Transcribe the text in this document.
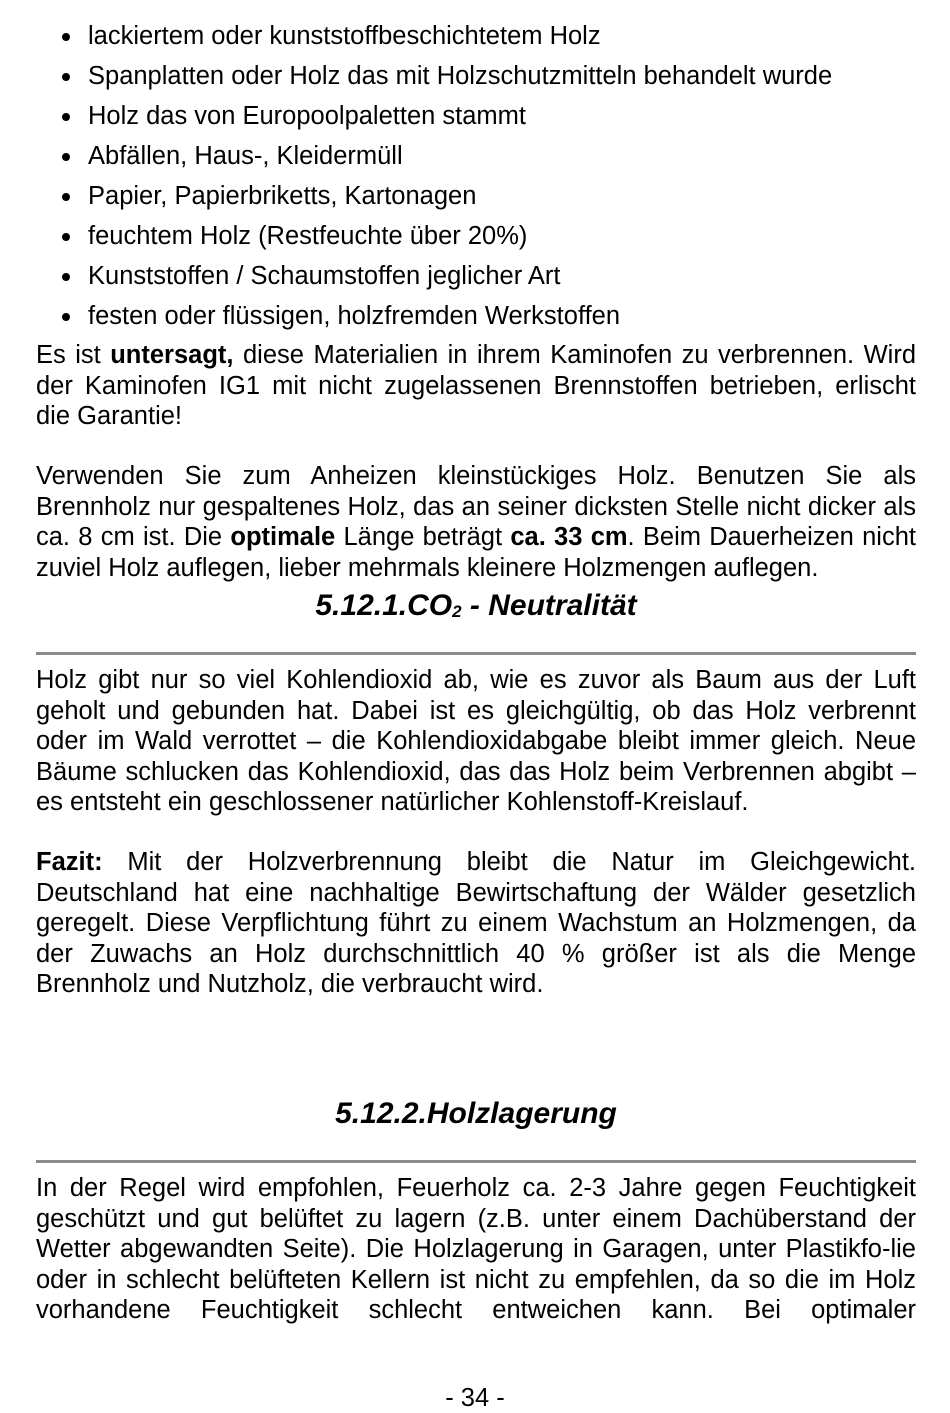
lackiertem oder kunststoffbeschichtetem Holz
Spanplatten oder Holz das mit Holzschutzmitteln behandelt wurde
Holz das von Europoolpaletten stammt
Abfällen, Haus-, Kleidermüll
Papier, Papierbriketts, Kartonagen
feuchtem Holz (Restfeuchte über 20%)
Kunststoffen / Schaumstoffen jeglicher Art
festen oder flüssigen, holzfremden Werkstoffen

Es ist untersagt, diese Materialien in ihrem Kaminofen zu verbrennen. Wird der Kaminofen IG1 mit nicht zugelassenen Brennstoffen betrieben, erlischt die Garantie!

Verwenden Sie zum Anheizen kleinstückiges Holz. Benutzen Sie als Brennholz nur gespaltenes Holz, das an seiner dicksten Stelle nicht dicker als ca. 8 cm ist. Die optimale Länge beträgt ca. 33 cm. Beim Dauerheizen nicht zuviel Holz auflegen, lieber mehrmals kleinere Holzmengen auflegen.

$5.12.1.CO_2$ - Neutralität

Holz gibt nur so viel Kohlendioxid ab, wie es zuvor als Baum aus der Luft geholt und gebunden hat. Dabei ist es gleichgültig, ob das Holz verbrennt oder im Wald verrottet – die Kohlendioxidabgabe bleibt immer gleich. Neue Bäume schlucken das Kohlendioxid, das das Holz beim Verbrennen abgibt – es entsteht ein geschlossener natürlicher Kohlenstoff-Kreislauf.

Fazit: Mit der Holzverbrennung bleibt die Natur im Gleichgewicht. Deutschland hat eine nachhaltige Bewirtschaftung der Wälder gesetzlich geregelt. Diese Verpflichtung führt zu einem Wachstum an Holzmengen, da der Zuwachs an Holz durchschnittlich 40 % größer ist als die Menge Brennholz und Nutzholz, die verbraucht wird.

5.12.2.Holzlagerung

In der Regel wird empfohlen, Feuerholz ca. 2-3 Jahre gegen Feuchtigkeit geschützt und gut belüftet zu lagern (z.B. unter einem Dachüberstand der Wetter abgewandten Seite). Die Holzlagerung in Garagen, unter Plastikfo-lie oder in schlecht belüfteten Kellern ist nicht zu empfehlen, da so die im Holz vorhandene Feuchtigkeit schlecht entweichen kann. Bei optimaler

- 34 -
